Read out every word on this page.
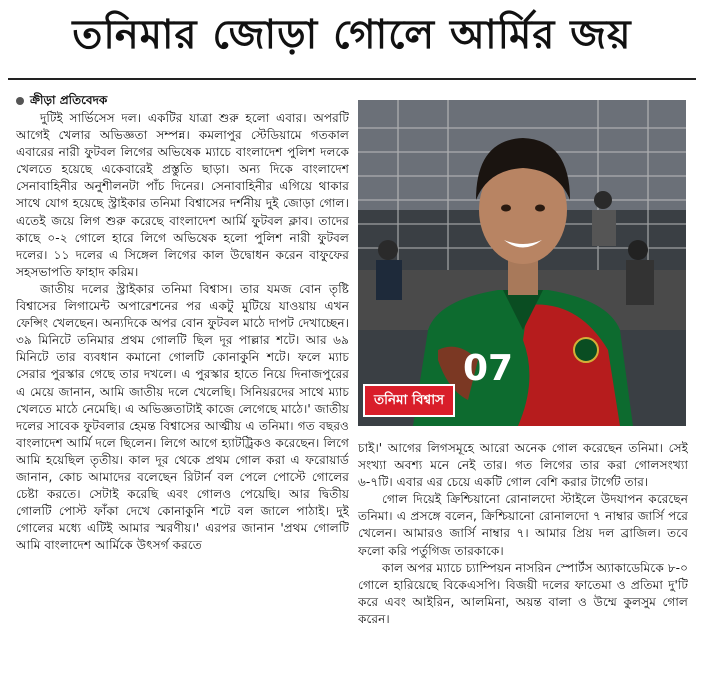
তনিমার জোড়া গোলে আর্মির জয়
ক্রীড়া প্রতিবেদক

দুটিই সার্ভিসেস দল। একটির যাত্রা শুরু হলো এবার। অপরটি আগেই খেলার অভিজ্ঞতা সম্পন্ন। কমলাপুর স্টেডিয়ামে গতকাল এবারের নারী ফুটবল লিগের অভিষেক ম্যাচে বাংলাদেশ পুলিশ দলকে খেলতে হয়েছে একেবারেই প্রস্তুতি ছাড়া। অন্য দিকে বাংলাদেশ সেনাবাহিনীর অনুশীলনটা পাঁচ দিনের। সেনাবাহিনীর এগিয়ে থাকার সাথে যোগ হয়েছে স্ট্রাইকার তনিমা বিশ্বাসের দর্শনীয় দুই জোড়া গোল। এতেই জয়ে লিগ শুরু করেছে বাংলাদেশ আর্মি ফুটবল ক্লাব। তাদের কাছে ০-২ গোলে হারে লিগে অভিষেক হলো পুলিশ নারী ফুটবল দলের। ১১ দলের এ সিঙ্গেল লিগের কাল উদ্বোধন করেন বাফুফের সহসভাপতি ফাহাদ করিম।

জাতীয় দলের স্ট্রাইকার তনিমা বিশ্বাস। তার যমজ বোন তৃষ্টি বিশ্বাসের লিগামেন্ট অপারেশনের পর একটু মুটিয়ে যাওয়ায় এখন ফেন্সিং খেলছেন। অন্যদিকে অপর বোন ফুটবল মাঠে দাপট দেখাচ্ছেন। ৩৯ মিনিটে তনিমার প্রথম গোলটি ছিল দূর পাল্লার শটে। আর ৬৯ মিনিটে তার ব্যবধান কমানো গোলটি কোনাকুনি শটে। ফলে ম্যাচ সেরার পুরস্কার গেছে তার দখলে। এ পুরস্কার হাতে নিয়ে দিনাজপুরের এ মেয়ে জানান, আমি জাতীয় দলে খেলেছি। সিনিয়রদের সাথে ম্যাচ খেলতে মাঠে নেমেছি। এ অভিজ্ঞতাটাই কাজে লেগেছে মাঠে।' জাতীয় দলের সাবেক ফুটবলার হেমন্ত বিশ্বাসের আত্মীয় এ তনিমা। গত বছরও বাংলাদেশ আর্মি দলে ছিলেন। লিগে আগে হ্যাটট্রিকও করেছেন। লিগে আমি হয়েছিল তৃতীয়। কাল দূর থেকে প্রথম গোল করা এ ফরোয়ার্ড জানান, কোচ আমাদের বলেছেন রিটার্ন বল পেলে পোস্টে গোলের চেষ্টা করতে। সেটাই করেছি এবং গোলও পেয়েছি। আর দ্বিতীয় গোলটি পোস্ট ফাঁকা দেখে কোনাকুনি শটে বল জালে পাঠাই। দুই গোলের মধ্যে এটিই আমার স্মরণীয়।' এরপর জানান 'প্রথম গোলটি আমি বাংলাদেশ আর্মিকে উৎসর্গ করতে

07
তনিমা বিশ্বাস

চাই।' আগের লিগসমূহে আরো অনেক গোল করেছেন তনিমা। সেই সংখ্যা অবশ্য মনে নেই তার। গত লিগের তার করা গোলসংখ্যা ৬-৭টি। এবার এর চেয়ে একটি গোল বেশি করার টার্গেট তার।

গোল দিয়েই ক্রিশ্চিয়ানো রোনালদো স্টাইলে উদযাপন করেছেন তনিমা। এ প্রসঙ্গে বলেন, ক্রিশ্চিয়ানো রোনালদো ৭ নাম্বার জার্সি পরে খেলেন। আমারও জার্সি নাম্বার ৭। আমার প্রিয় দল ব্রাজিল। তবে ফলো করি পর্তুগিজ তারকাকে।

কাল অপর ম্যাচে চ্যাম্পিয়ন নাসরিন স্পোর্টস অ্যাকাডেমিকে ৮-০ গোলে হারিয়েছে বিকেএসপি। বিজয়ী দলের ফাতেমা ও প্রতিমা দু'টি করে এবং আইরিন, আলমিনা, অয়ন্ত বালা ও উম্মে কুলসুম গোল করেন।
